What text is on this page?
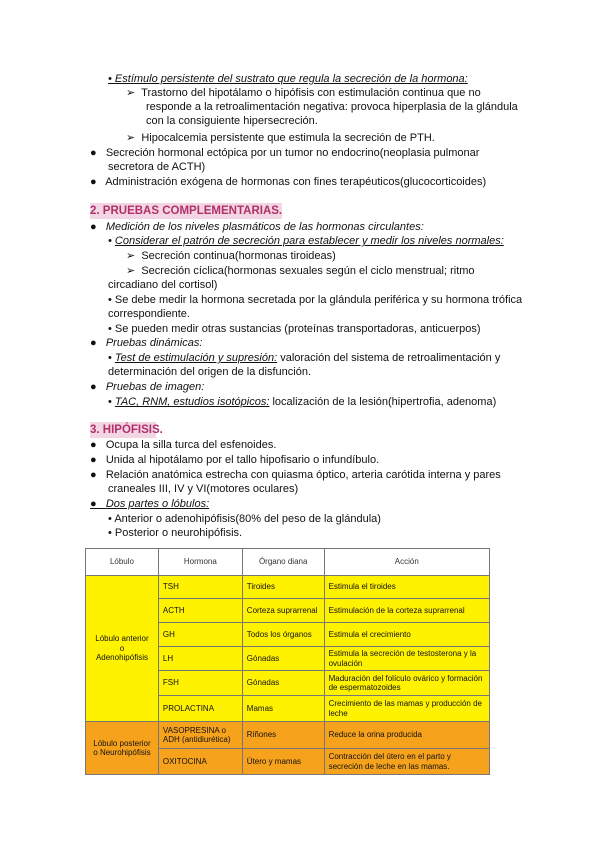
• Estímulo persistente del sustrato que regula la secreción de la hormona:
➢  Trastorno del hipotálamo o hipófisis con estimulación continua que no
responde a la retroalimentación negativa: provoca hiperplasia de la glándula
con la consiguiente hipersecreción.
➢  Hipocalcemia persistente que estimula la secreción de PTH.
●   Secreción hormonal ectópica por un tumor no endocrino(neoplasia pulmonar
secretora de ACTH)
●   Administración exógena de hormonas con fines terapéuticos(glucocorticoides)
2. PRUEBAS COMPLEMENTARIAS.
●   Medición de los niveles plasmáticos de las hormonas circulantes:
• Considerar el patrón de secreción para establecer y medir los niveles normales:
➢  Secreción continua(hormonas tiroideas)
➢  Secreción cíclica(hormonas sexuales según el ciclo menstrual; ritmo
circadiano del cortisol)
• Se debe medir la hormona secretada por la glándula periférica y su hormona trófica
correspondiente.
• Se pueden medir otras sustancias (proteínas transportadoras, anticuerpos)
●   Pruebas dinámicas:
• Test de estimulación y supresión: valoración del sistema de retroalimentación y
determinación del origen de la disfunción.
●   Pruebas de imagen:
• TAC, RNM, estudios isotópicos: localización de la lesión(hipertrofia, adenoma)
3. HIPÓFISIS.
●   Ocupa la silla turca del esfenoides.
●   Unida al hipotálamo por el tallo hipofisario o infundíbulo.
●   Relación anatómica estrecha con quiasma óptico, arteria carótida interna y pares
craneales III, IV y VI(motores oculares)
●   Dos partes o lóbulos:
• Anterior o adenohipófisis(80% del peso de la glándula)
• Posterior o neurohipófisis.
Lóbulo	Hormona	Órgano diana	Acción

Lóbulo anterior
o
Adenohipófisis	TSH	Tiroides	Estimula el tiroides
	ACTH	Corteza suprarrenal	Estimulación de la corteza suprarrenal
	GH	Todos los órganos	Estimula el crecimiento
	LH	Gónadas	Estimula la secreción de testosterona y la ovulación
	FSH	Gónadas	Maduración del folículo ovárico y formación de espermatozoides
	PROLACTINA	Mamas	Crecimiento de las mamas y producción de leche

Lóbulo posterior
o Neurohipófisis	VASOPRESINA o ADH (antidiurética)	Riñones	Reduce la orina producida
	OXITOCINA	Útero y mamas	Contracción del útero en el parto y secreción de leche en las mamas.
